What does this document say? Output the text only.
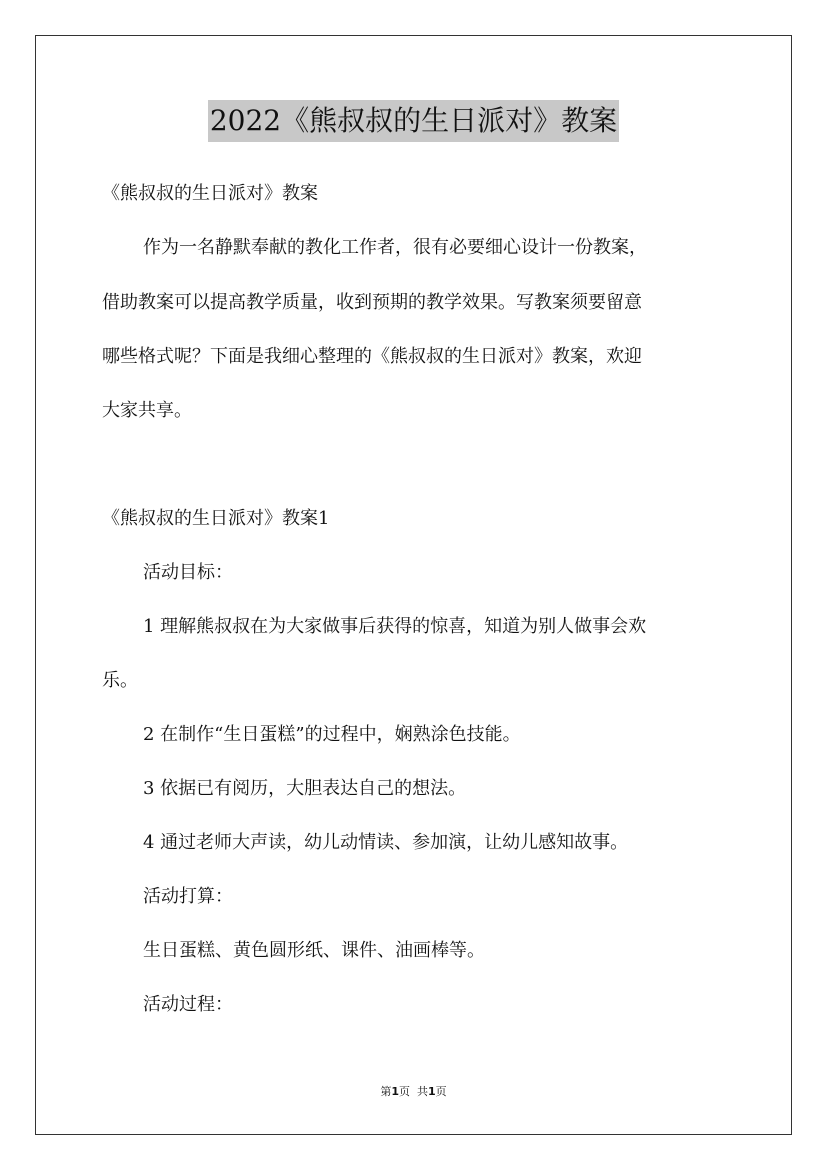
2022《熊叔叔的生日派对》教案
《熊叔叔的生日派对》教案
作为一名静默奉献的教化工作者，很有必要细心设计一份教案，
借助教案可以提高教学质量，收到预期的教学效果。写教案须要留意
哪些格式呢？下面是我细心整理的《熊叔叔的生日派对》教案，欢迎
大家共享。
《熊叔叔的生日派对》教案1
活动目标：
1 理解熊叔叔在为大家做事后获得的惊喜，知道为别人做事会欢
乐。
2 在制作“生日蛋糕”的过程中，娴熟涂色技能。
3 依据已有阅历，大胆表达自己的想法。
4 通过老师大声读，幼儿动情读、参加演，让幼儿感知故事。
活动打算：
生日蛋糕、黄色圆形纸、课件、油画棒等。
活动过程：
第1页  共1页
